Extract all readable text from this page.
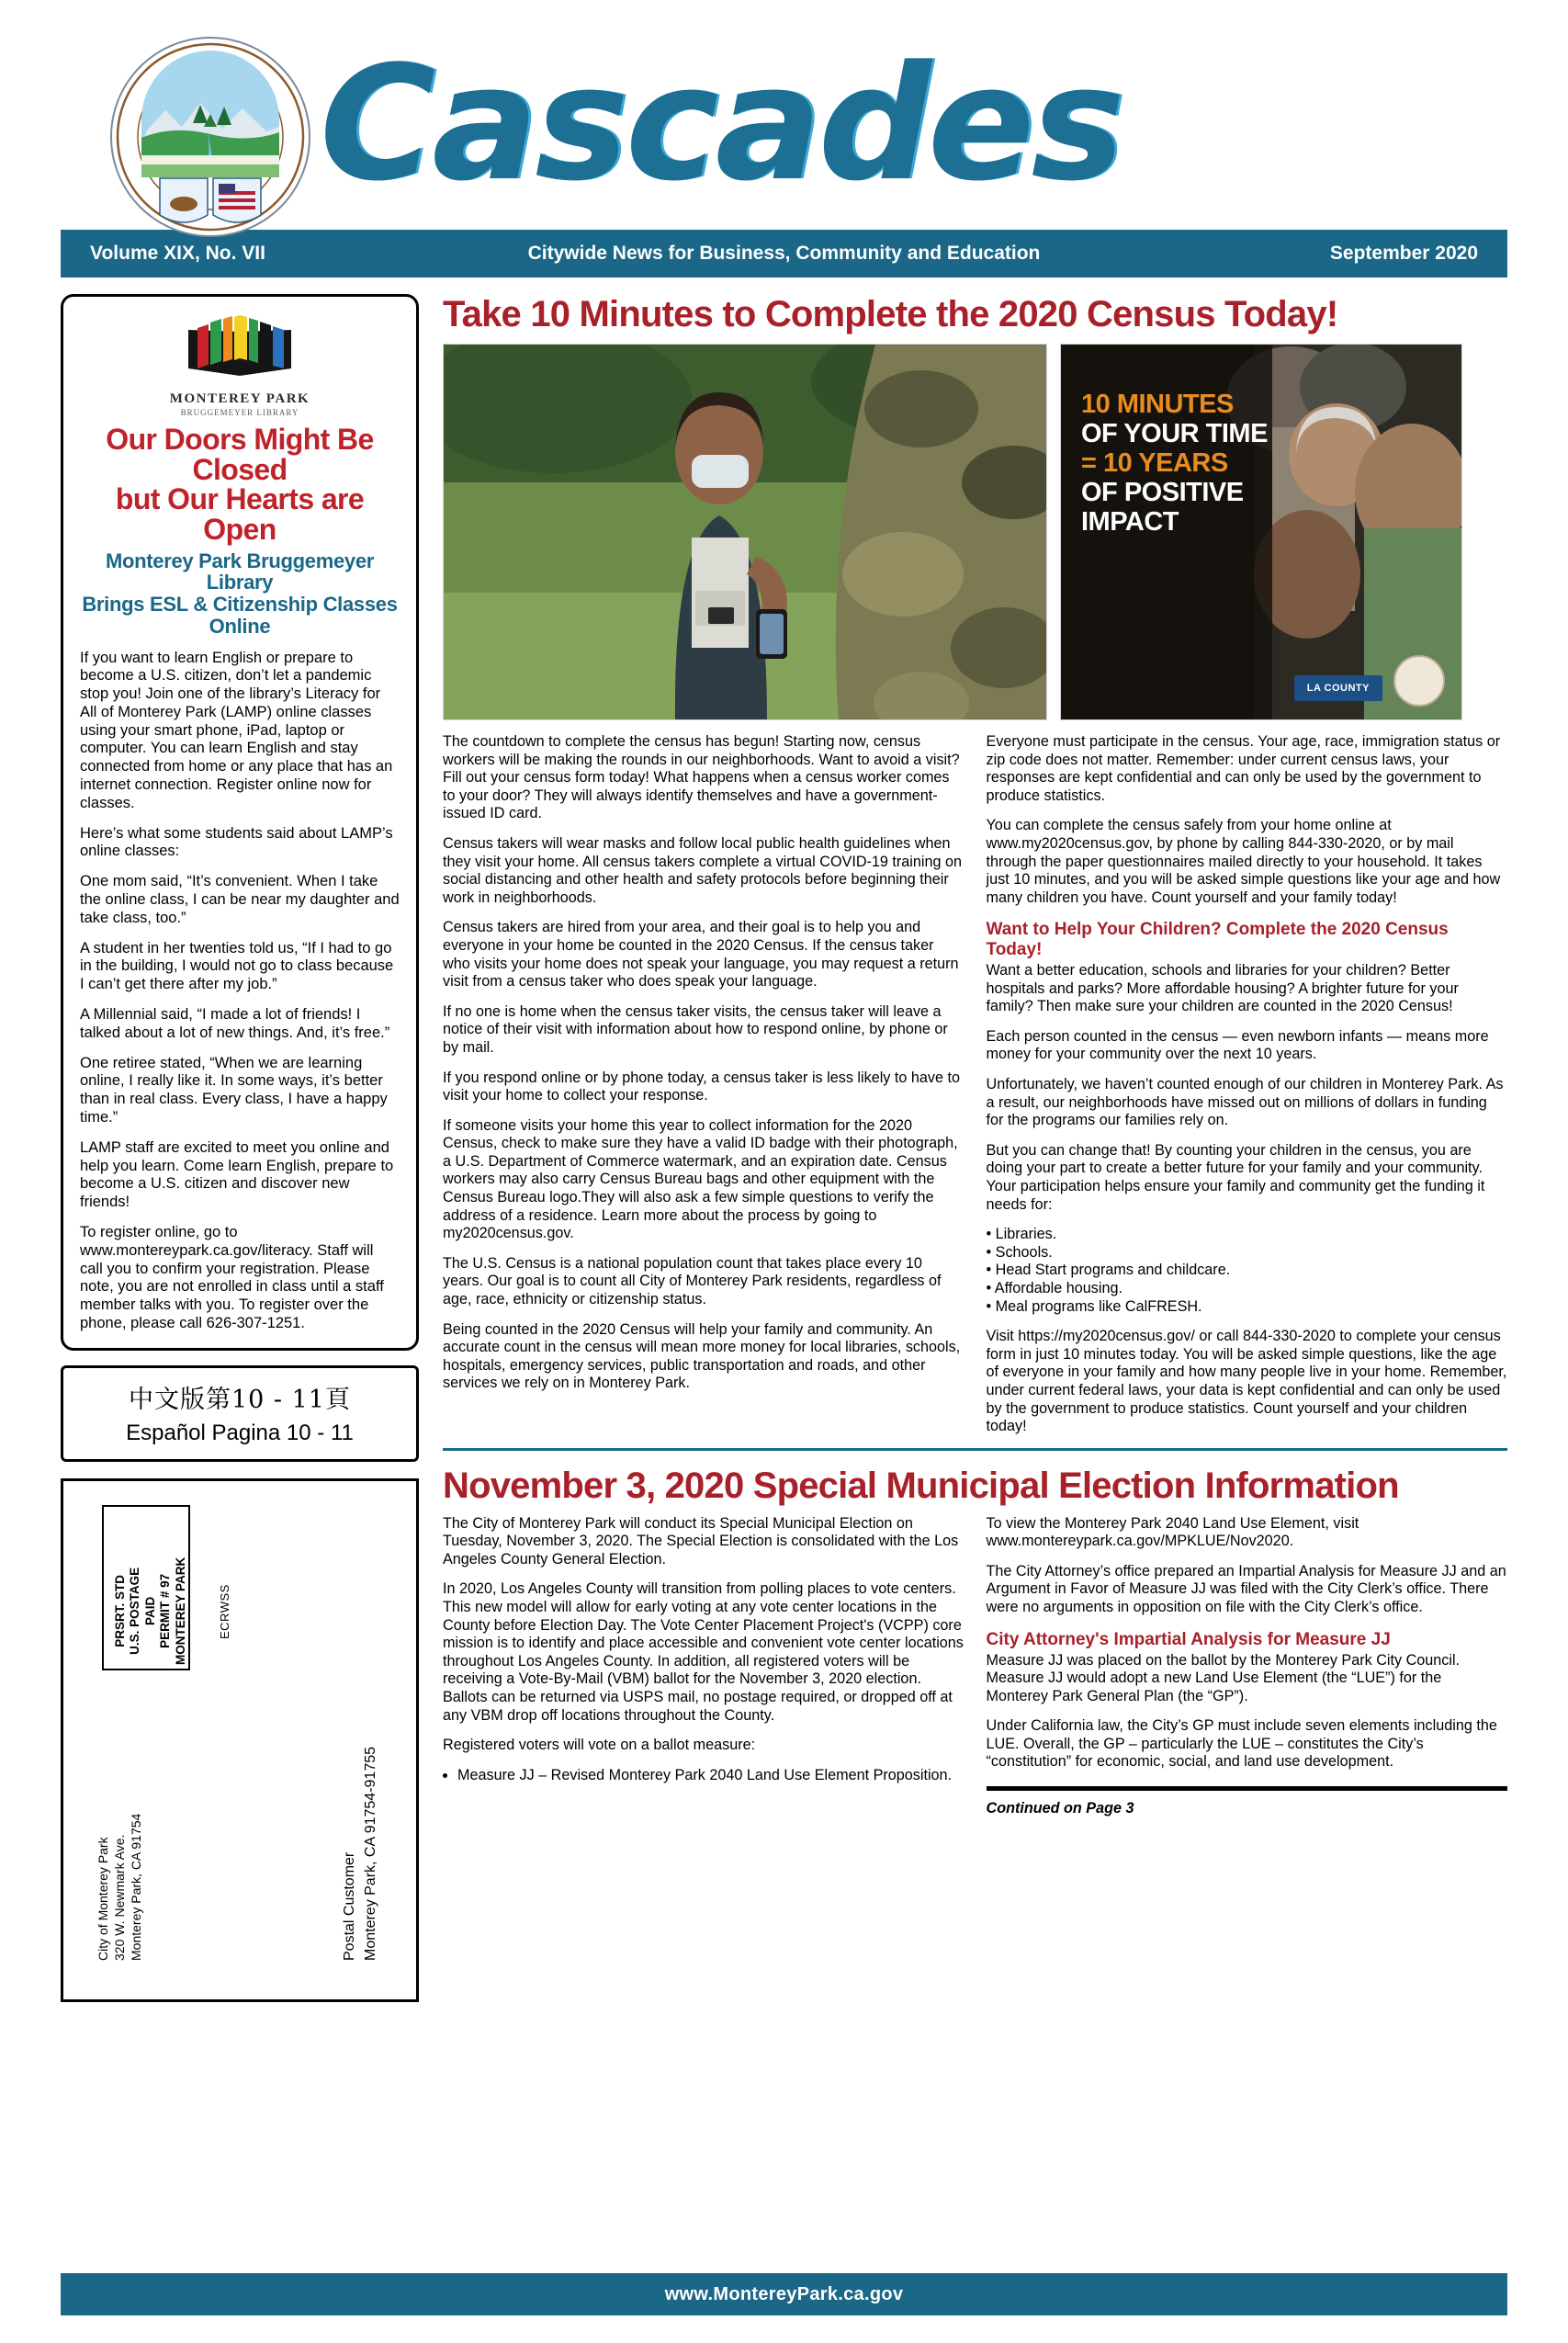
Cascades
Volume XIX, No. VII	Citywide News for Business, Community and Education	September 2020
MONTEREY PARK
BRUGGEMEYER LIBRARY
Our Doors Might Be Closed
but Our Hearts are Open
Monterey Park Bruggemeyer Library
Brings ESL & Citizenship Classes Online

If you want to learn English or prepare to become a U.S. citizen, don’t let a pandemic stop you! Join one of the library’s Literacy for All of Monterey Park (LAMP) online classes using your smart phone, iPad, laptop or computer. You can learn English and stay connected from home or any place that has an internet connection. Register online now for classes.

Here’s what some students said about LAMP’s online classes:

One mom said, “It’s convenient. When I take the online class, I can be near my daughter and take class, too.”

A student in her twenties told us, “If I had to go in the building, I would not go to class because I can’t get there after my job.”

A Millennial said, “I made a lot of friends! I talked about a lot of new things. And, it’s free.”

One retiree stated, “When we are learning online, I really like it. In some ways, it’s better than in real class. Every class, I have a happy time.”

LAMP staff are excited to meet you online and help you learn. Come learn English, prepare to become a U.S. citizen and discover new friends!

To register online, go to www.montereypark.ca.gov/literacy. Staff will call you to confirm your registration. Please note, you are not enrolled in class until a staff member talks with you. To register over the phone, please call 626-307-1251.

中文版第10 - 11頁
Español Pagina 10 - 11
PRSRT. STD U.S. POSTAGE PAID PERMIT # 97 MONTEREY PARK	ECRWSS
City of Monterey Park 320 W. Newmark Ave. Monterey Park, CA 91754	Postal Customer Monterey Park, CA 91754-91755
Take 10 Minutes to Complete the 2020 Census Today!
10 MINUTES
OF YOUR TIME
= 10 YEARS
OF POSITIVE
IMPACT
LA COUNTY

The countdown to complete the census has begun! Starting now, census workers will be making the rounds in our neighborhoods. Want to avoid a visit? Fill out your census form today! What happens when a census worker comes to your door? They will always identify themselves and have a government-issued ID card.

Census takers will wear masks and follow local public health guidelines when they visit your home. All census takers complete a virtual COVID-19 training on social distancing and other health and safety protocols before beginning their work in neighborhoods.

Census takers are hired from your area, and their goal is to help you and everyone in your home be counted in the 2020 Census. If the census taker who visits your home does not speak your language, you may request a return visit from a census taker who does speak your language.

If no one is home when the census taker visits, the census taker will leave a notice of their visit with information about how to respond online, by phone or by mail.

If you respond online or by phone today, a census taker is less likely to have to visit your home to collect your response.

If someone visits your home this year to collect information for the 2020 Census, check to make sure they have a valid ID badge with their photograph, a U.S. Department of Commerce watermark, and an expiration date. Census workers may also carry Census Bureau bags and other equipment with the Census Bureau logo.They will also ask a few simple questions to verify the address of a residence. Learn more about the process by going to my2020census.gov.

The U.S. Census is a national population count that takes place every 10 years. Our goal is to count all City of Monterey Park residents, regardless of age, race, ethnicity or citizenship status.

Being counted in the 2020 Census will help your family and community. An accurate count in the census will mean more money for local libraries, schools, hospitals, emergency services, public transportation and roads, and other services we rely on in Monterey Park.

Everyone must participate in the census. Your age, race, immigration status or zip code does not matter. Remember: under current census laws, your responses are kept confidential and can only be used by the government to produce statistics.

You can complete the census safely from your home online at www.my2020census.gov, by phone by calling 844-330-2020, or by mail through the paper questionnaires mailed directly to your household. It takes just 10 minutes, and you will be asked simple questions like your age and how many children you have. Count yourself and your family today!

Want to Help Your Children? Complete the 2020 Census Today!

Want a better education, schools and libraries for your children? Better hospitals and parks? More affordable housing? A brighter future for your family? Then make sure your children are counted in the 2020 Census!

Each person counted in the census — even newborn infants — means more money for your community over the next 10 years.

Unfortunately, we haven’t counted enough of our children in Monterey Park. As a result, our neighborhoods have missed out on millions of dollars in funding for the programs our families rely on.

But you can change that! By counting your children in the census, you are doing your part to create a better future for your family and your community. Your participation helps ensure your family and community get the funding it needs for:

• Libraries.
• Schools.
• Head Start programs and childcare.
• Affordable housing.
• Meal programs like CalFRESH.

Visit https://my2020census.gov/ or call 844-330-2020 to complete your census form in just 10 minutes today. You will be asked simple questions, like the age of everyone in your family and how many people live in your home. Remember, under current federal laws, your data is kept confidential and can only be used by the government to produce statistics. Count yourself and your children today!

November 3, 2020 Special Municipal Election Information

The City of Monterey Park will conduct its Special Municipal Election on Tuesday, November 3, 2020. The Special Election is consolidated with the Los Angeles County General Election.

In 2020, Los Angeles County will transition from polling places to vote centers. This new model will allow for early voting at any vote center locations in the County before Election Day. The Vote Center Placement Project's (VCPP) core mission is to identify and place accessible and convenient vote center locations throughout Los Angeles County. In addition, all registered voters will be receiving a Vote-By-Mail (VBM) ballot for the November 3, 2020 election. Ballots can be returned via USPS mail, no postage required, or dropped off at any VBM drop off locations throughout the County.

Registered voters will vote on a ballot measure:

• Measure JJ – Revised Monterey Park 2040 Land Use Element Proposition.

To view the Monterey Park 2040 Land Use Element, visit www.montereypark.ca.gov/MPKLUE/Nov2020.

The City Attorney’s office prepared an Impartial Analysis for Measure JJ and an Argument in Favor of Measure JJ was filed with the City Clerk’s office. There were no arguments in opposition on file with the City Clerk’s office.

City Attorney's Impartial Analysis for Measure JJ

Measure JJ was placed on the ballot by the Monterey Park City Council. Measure JJ would adopt a new Land Use Element (the “LUE”) for the Monterey Park General Plan (the “GP”).

Under California law, the City’s GP must include seven elements including the LUE. Overall, the GP – particularly the LUE – constitutes the City’s “constitution” for economic, social, and land use development.

Continued on Page 3

www.MontereyPark.ca.gov
